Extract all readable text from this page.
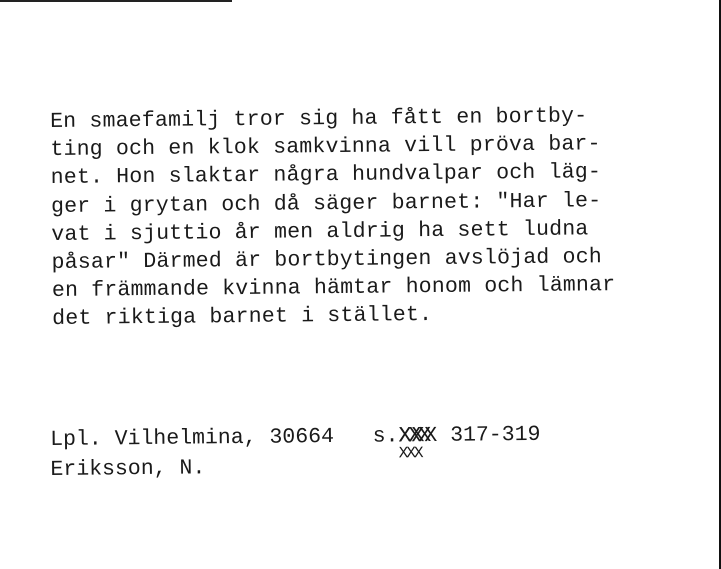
En smaefamilj tror sig ha fått en bortby-
ting och en klok samkvinna vill pröva bar-
net. Hon slaktar några hundvalpar och läg-
ger i grytan och då säger barnet: "Har le-
vat i sjuttio år men aldrig ha sett ludna
påsar" Därmed är bortbytingen avslöjad och
en främmande kvinna hämtar honom och lämnar
det riktiga barnet i stället.
Lpl. Vilhelmina, 30664 s.XXX
XXX
XXX 317-319
Eriksson, N.
